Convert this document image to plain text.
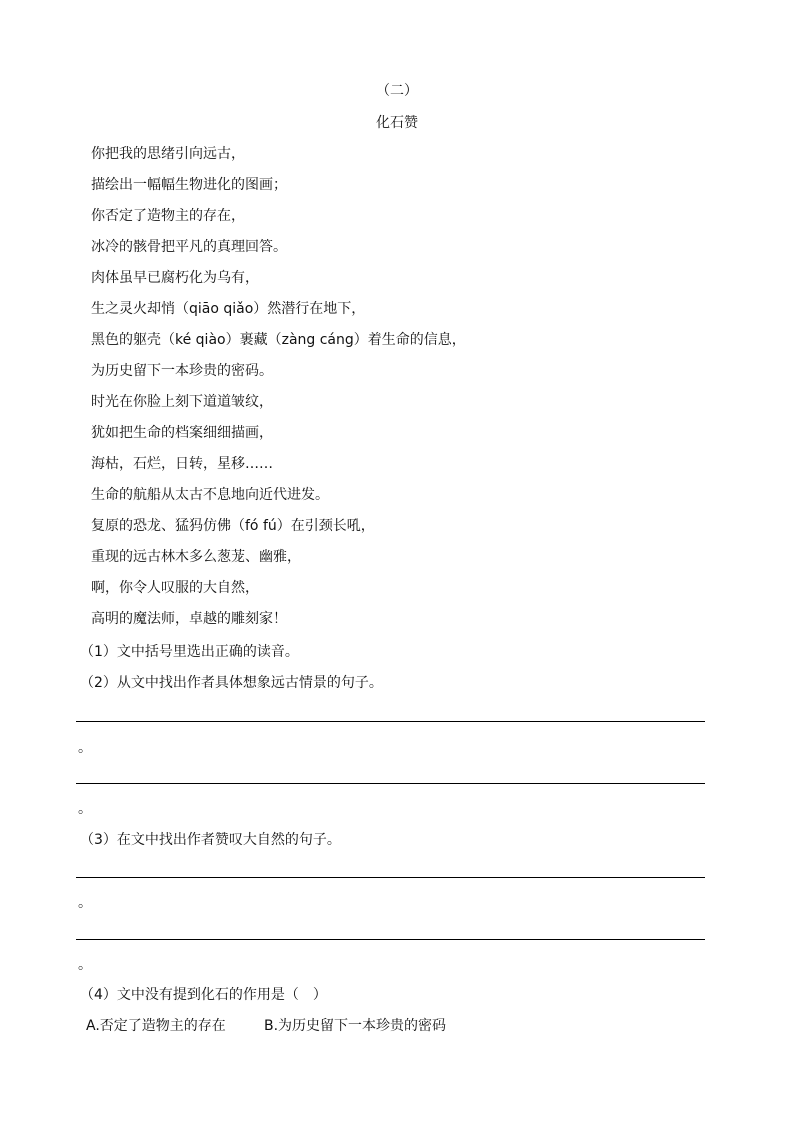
（二）
化石赞
你把我的思绪引向远古，
描绘出一幅幅生物进化的图画；
你否定了造物主的存在，
冰冷的骸骨把平凡的真理回答。
肉体虽早已腐朽化为乌有，
生之灵火却悄（qiāo qiǎo）然潜行在地下，
黑色的躯壳（ké qiào）裹藏（zàng cáng）着生命的信息，
为历史留下一本珍贵的密码。
时光在你脸上刻下道道皱纹，
犹如把生命的档案细细描画，
海枯，石烂，日转，星移……
生命的航船从太古不息地向近代进发。
复原的恐龙、猛犸仿佛（fó fú）在引颈长吼，
重现的远古林木多么葱茏、幽雅，
啊，你令人叹服的大自然，
高明的魔法师，卓越的雕刻家！
（1）文中括号里选出正确的读音。
（2）从文中找出作者具体想象远古情景的句子。
。
。
（3）在文中找出作者赞叹大自然的句子。
。
。
（4）文中没有提到化石的作用是（　）
A.否定了造物主的存在	B.为历史留下一本珍贵的密码
